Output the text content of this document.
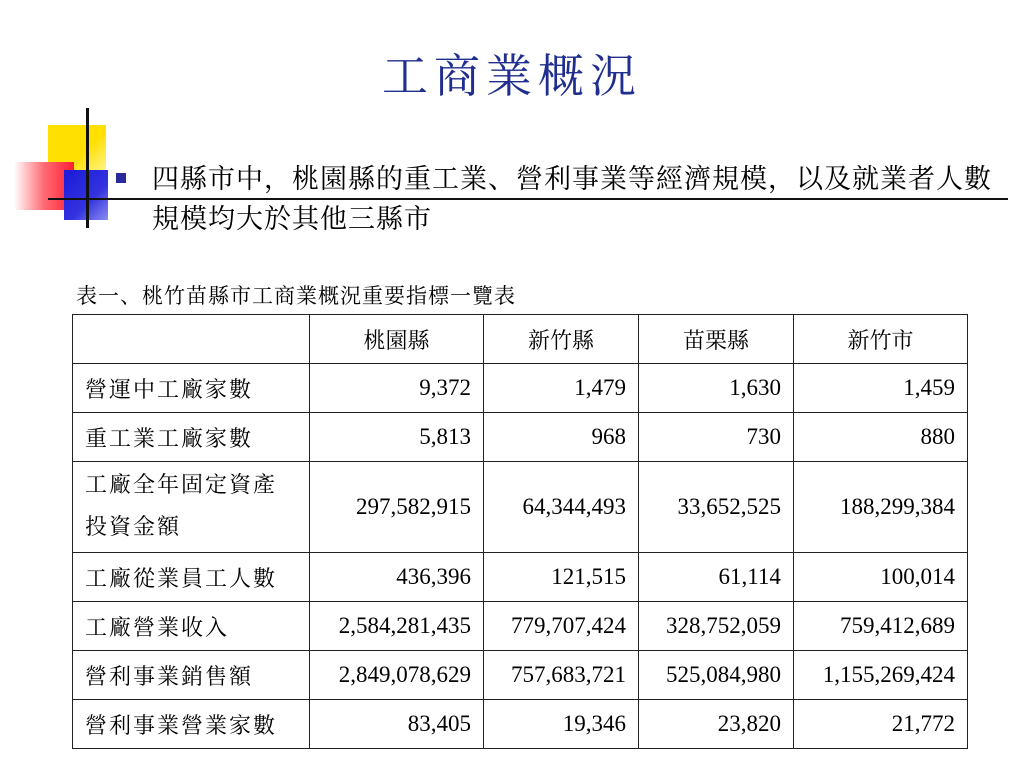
工商業概況
四縣市中，桃園縣的重工業、營利事業等經濟規模，以及就業者人數規模均大於其他三縣市
表一、桃竹苗縣市工商業概況重要指標一覽表
	桃園縣	新竹縣	苗栗縣	新竹市
營運中工廠家數	9,372	1,479	1,630	1,459
重工業工廠家數	5,813	968	730	880
工廠全年固定資產投資金額	297,582,915	64,344,493	33,652,525	188,299,384
工廠從業員工人數	436,396	121,515	61,114	100,014
工廠營業收入	2,584,281,435	779,707,424	328,752,059	759,412,689
營利事業銷售額	2,849,078,629	757,683,721	525,084,980	1,155,269,424
營利事業營業家數	83,405	19,346	23,820	21,772
